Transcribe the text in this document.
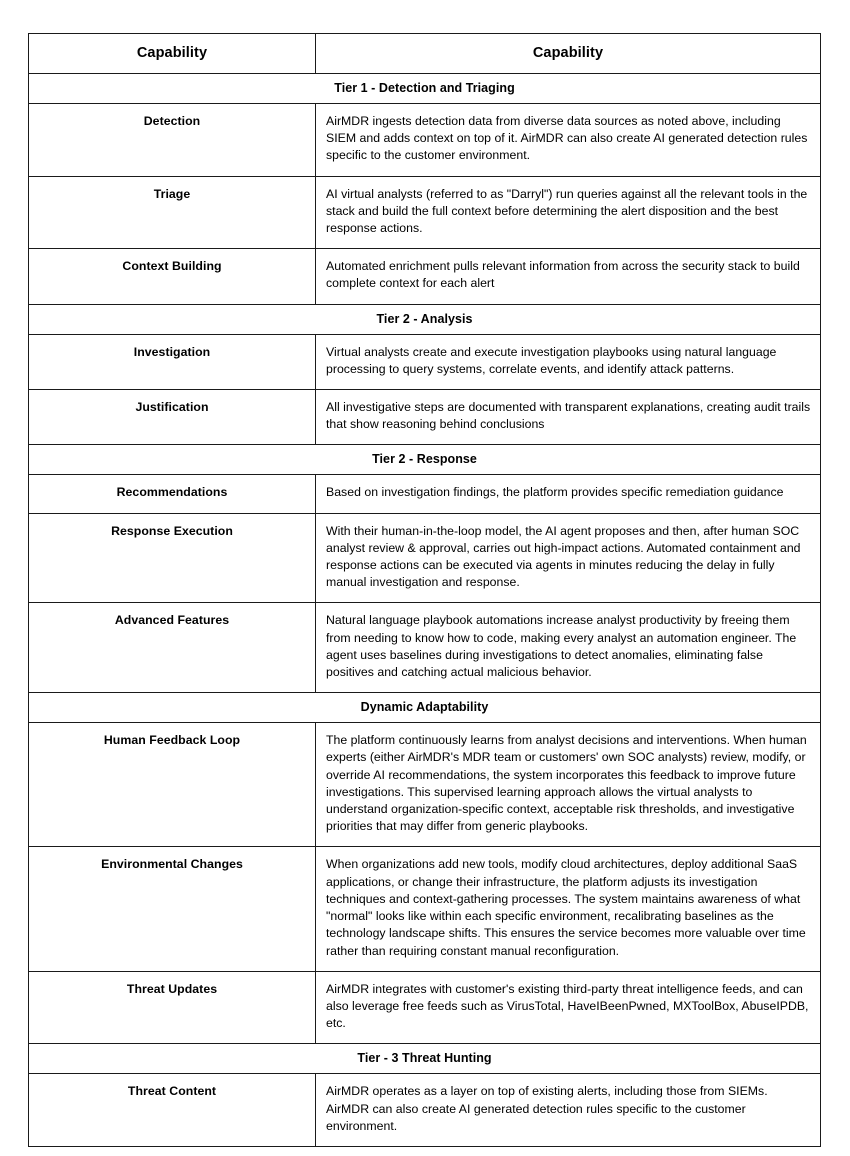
Capability	Capability
Tier 1 - Detection and Triaging	
Detection	AirMDR ingests detection data from diverse data sources as noted above, including SIEM and adds context on top of it. AirMDR can also create AI generated detection rules specific to the customer environment.
Triage	AI virtual analysts (referred to as "Darryl") run queries against all the relevant tools in the stack and build the full context before determining the alert disposition and the best response actions.
Context Building	Automated enrichment pulls relevant information from across the security stack to build complete context for each alert
Tier 2 - Analysis	
Investigation	Virtual analysts create and execute investigation playbooks using natural language processing to query systems, correlate events, and identify attack patterns.
Justification	All investigative steps are documented with transparent explanations, creating audit trails that show reasoning behind conclusions
Tier 2 - Response	
Recommendations	Based on investigation findings, the platform provides specific remediation guidance
Response Execution	With their human-in-the-loop model, the AI agent proposes and then, after human SOC analyst review & approval, carries out high-impact actions. Automated containment and response actions can be executed via agents in minutes reducing the delay in fully manual investigation and response.
Advanced Features	Natural language playbook automations increase analyst productivity by freeing them from needing to know how to code, making every analyst an automation engineer. The agent uses baselines during investigations to detect anomalies, eliminating false positives and catching actual malicious behavior.
Dynamic Adaptability	
Human Feedback Loop	The platform continuously learns from analyst decisions and interventions. When human experts (either AirMDR's MDR team or customers' own SOC analysts) review, modify, or override AI recommendations, the system incorporates this feedback to improve future investigations. This supervised learning approach allows the virtual analysts to understand organization-specific context, acceptable risk thresholds, and investigative priorities that may differ from generic playbooks.
Environmental Changes	When organizations add new tools, modify cloud architectures, deploy additional SaaS applications, or change their infrastructure, the platform adjusts its investigation techniques and context-gathering processes. The system maintains awareness of what "normal" looks like within each specific environment, recalibrating baselines as the technology landscape shifts. This ensures the service becomes more valuable over time rather than requiring constant manual reconfiguration.
Threat Updates	AirMDR integrates with customer's existing third-party threat intelligence feeds, and can also leverage free feeds such as VirusTotal, HaveIBeenPwned, MXToolBox, AbuseIPDB, etc.
Tier - 3 Threat Hunting	
Threat Content	AirMDR operates as a layer on top of existing alerts, including those from SIEMs. AirMDR can also create AI generated detection rules specific to the customer environment.
